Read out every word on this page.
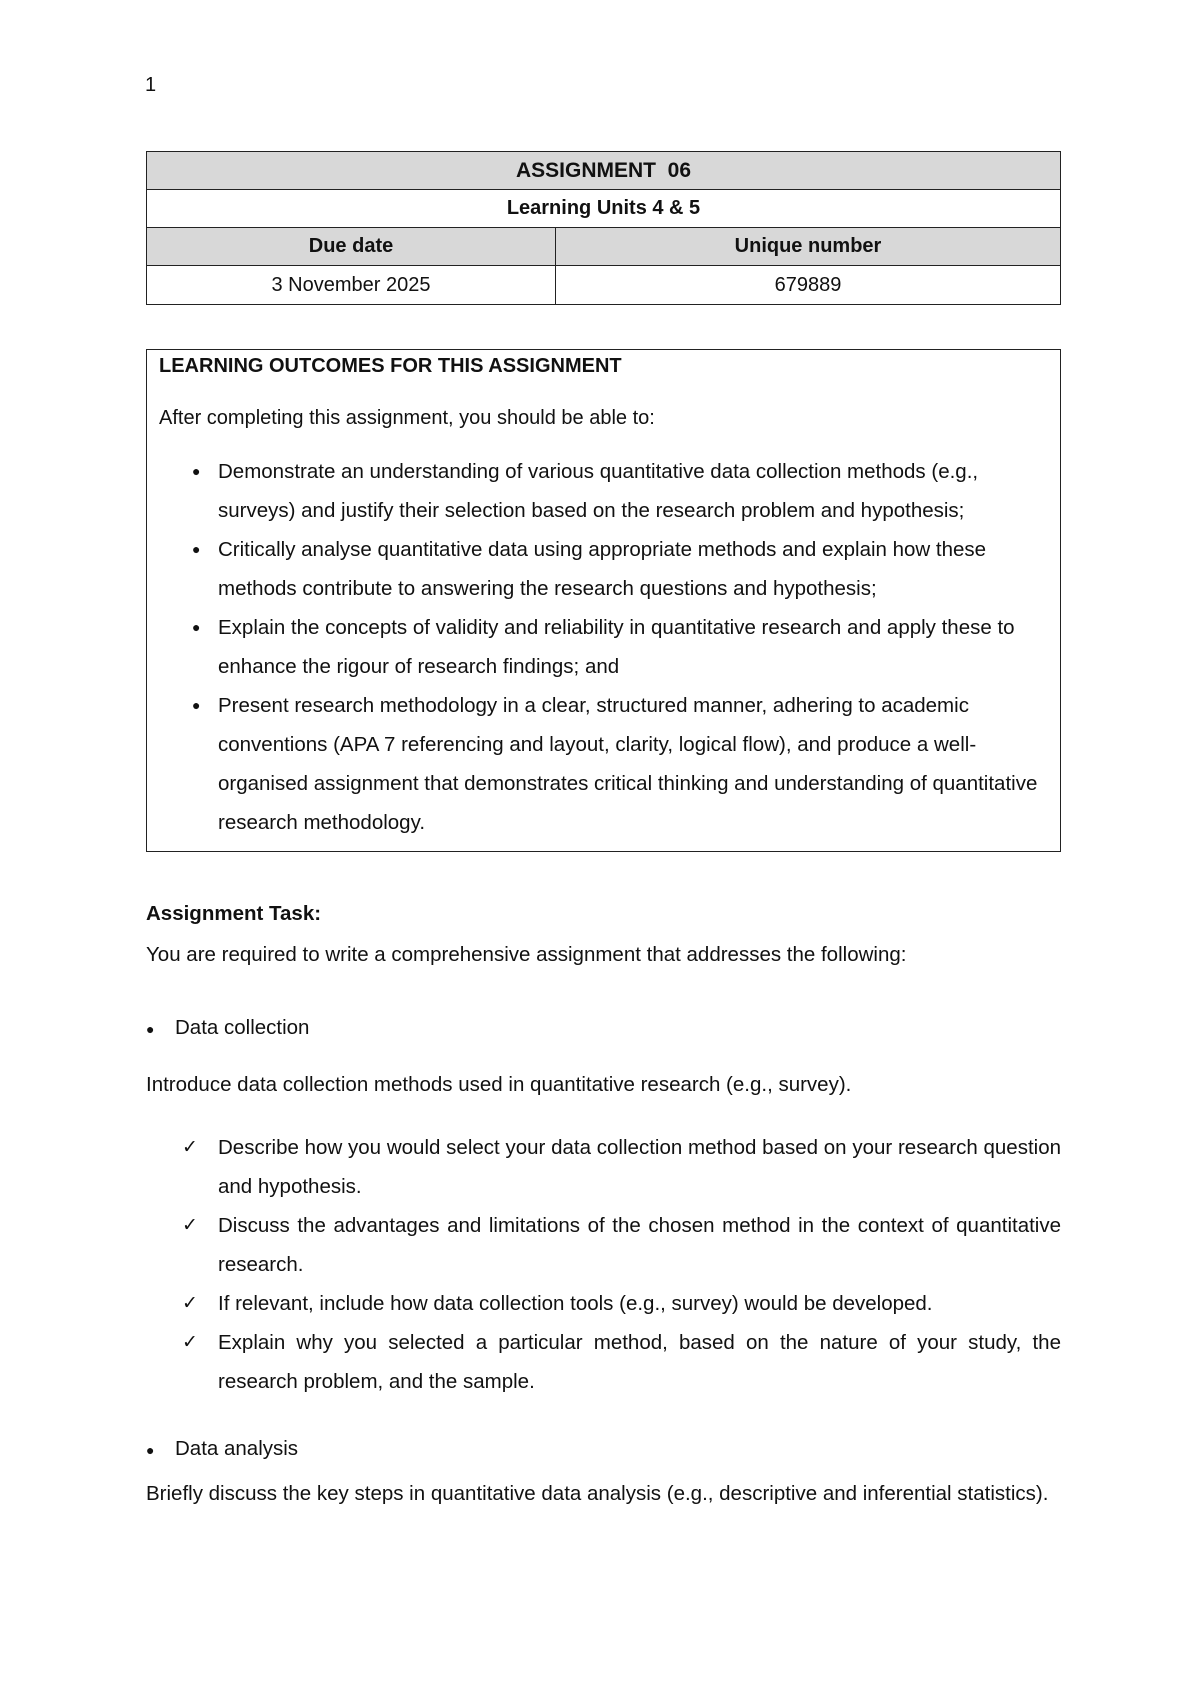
1
ASSIGNMENT  06
Learning Units 4 & 5
Due date	Unique number
3 November 2025	679889
LEARNING OUTCOMES FOR THIS ASSIGNMENT
After completing this assignment, you should be able to:
● Demonstrate an understanding of various quantitative data collection methods (e.g., surveys) and justify their selection based on the research problem and hypothesis;
● Critically analyse quantitative data using appropriate methods and explain how these methods contribute to answering the research questions and hypothesis;
● Explain the concepts of validity and reliability in quantitative research and apply these to enhance the rigour of research findings; and
● Present research methodology in a clear, structured manner, adhering to academic conventions (APA 7 referencing and layout, clarity, logical flow), and produce a well-organised assignment that demonstrates critical thinking and understanding of quantitative research methodology.
Assignment Task:
You are required to write a comprehensive assignment that addresses the following:
● Data collection
Introduce data collection methods used in quantitative research (e.g., survey).
✓ Describe how you would select your data collection method based on your research question and hypothesis.
✓ Discuss the advantages and limitations of the chosen method in the context of quantitative research.
✓ If relevant, include how data collection tools (e.g., survey) would be developed.
✓ Explain why you selected a particular method, based on the nature of your study, the research problem, and the sample.
● Data analysis
Briefly discuss the key steps in quantitative data analysis (e.g., descriptive and inferential statistics).
